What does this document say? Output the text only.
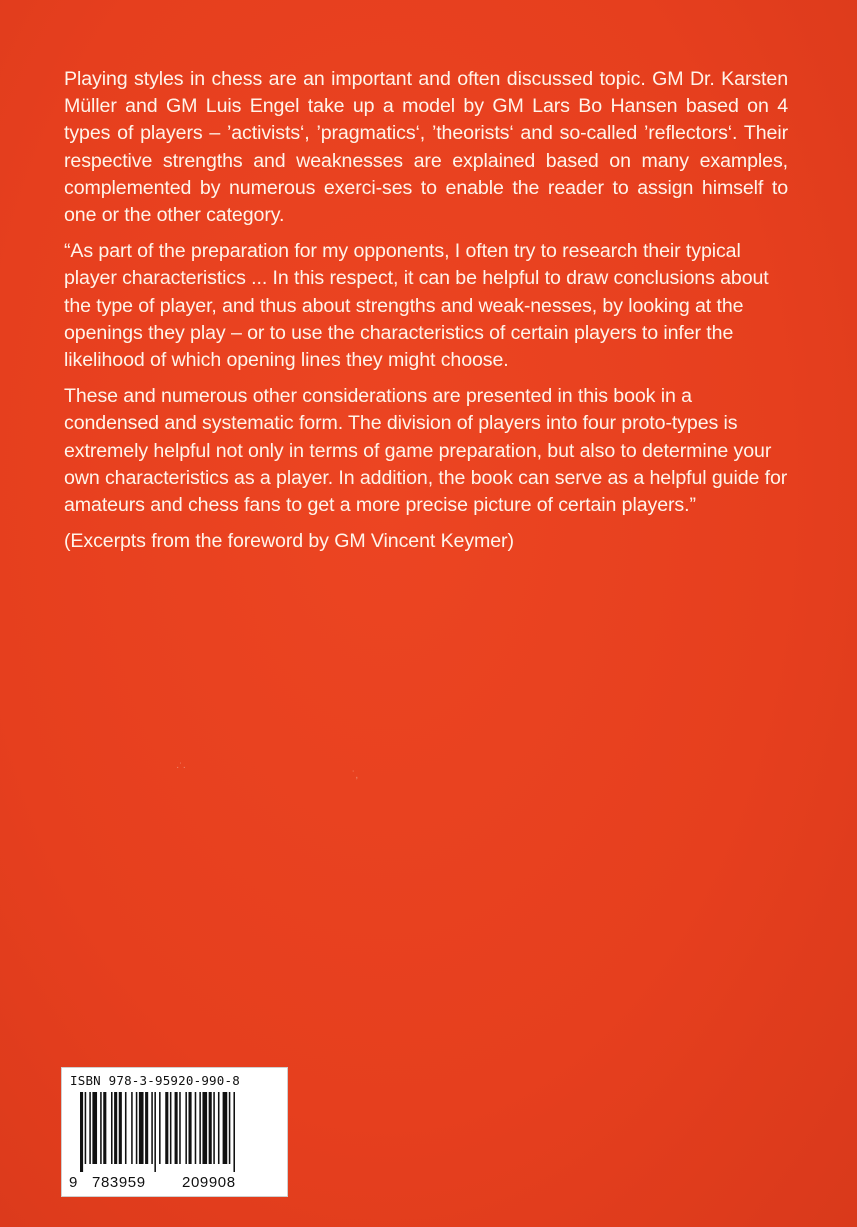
Playing styles in chess are an important and often discussed topic. GM Dr. Karsten Müller and GM Luis Engel take up a model by GM Lars Bo Hansen based on 4 types of players – ’activists‘, ’pragmatics‘, ’theorists‘ and so-called ’reflectors‘. Their respective strengths and weaknesses are explained based on many examples, complemented by numerous exerci-ses to enable the reader to assign himself to one or the other category.

“As part of the preparation for my opponents, I often try to research their typical player characteristics ... In this respect, it can be helpful to draw conclusions about the type of player, and thus about strengths and weak-nesses, by looking at the openings they play – or to use the characteristics of certain players to infer the likelihood of which opening lines they might choose.

These and numerous other considerations are presented in this book in a condensed and systematic form. The division of players into four proto-types is extremely helpful not only in terms of game preparation, but also to determine your own characteristics as a player. In addition, the book can serve as a helpful guide for amateurs and chess fans to get a more precise picture of certain players.”

(Excerpts from the foreword by GM Vincent Keymer)

·˙·
˙,
ISBN 978-3-95920-990-8
9 783959 209908
